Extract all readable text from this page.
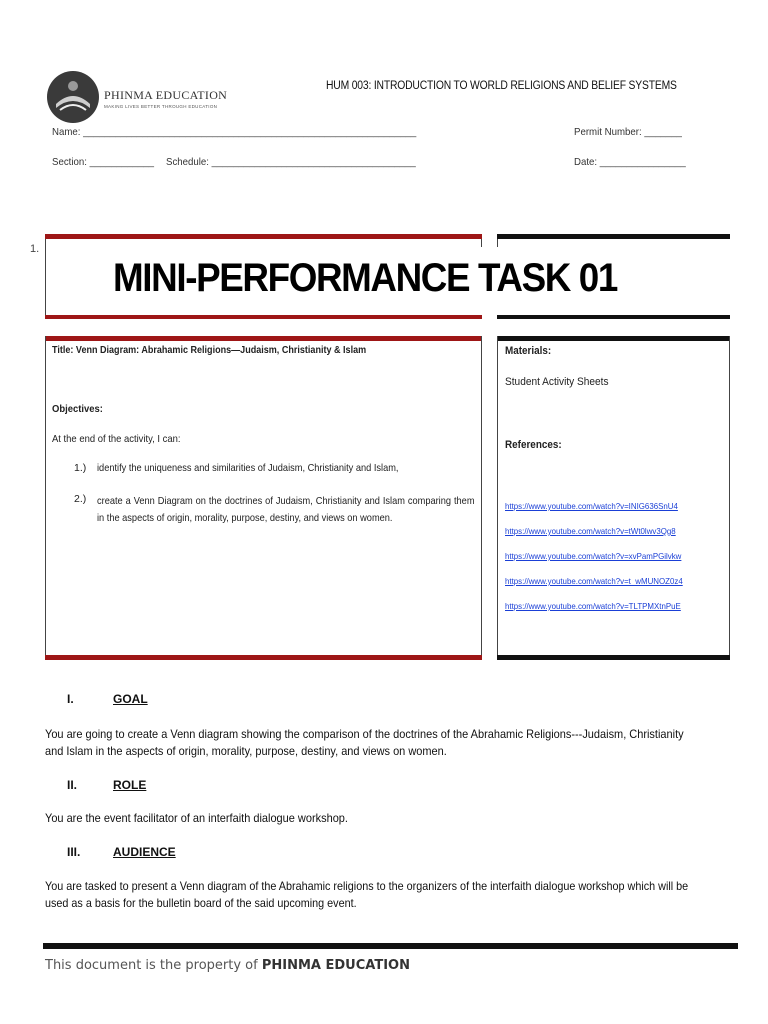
PHINMA EDUCATION
MAKING LIVES BETTER THROUGH EDUCATION
HUM 003: INTRODUCTION TO WORLD RELIGIONS AND BELIEF SYSTEMS
Name: ______________________________________________________________	Permit Number: _______
Section: ____________ Schedule: ______________________________________	Date: ________________
1.
MINI-PERFORMANCE TASK 01
Title: Venn Diagram: Abrahamic Religions—Judaism, Christianity & Islam
Objectives:
At the end of the activity, I can:
1.) identify the uniqueness and similarities of Judaism, Christianity and Islam,
2.) create a Venn Diagram on the doctrines of Judaism, Christianity and Islam comparing them in the aspects of origin, morality, purpose, destiny, and views on women.
Materials:
Student Activity Sheets
References:
https://www.youtube.com/watch?v=INIG636SnU4
https://www.youtube.com/watch?v=tWt0lwv3Qg8
https://www.youtube.com/watch?v=xvPamPGilvkw
https://www.youtube.com/watch?v=t_wMUNOZ0z4
https://www.youtube.com/watch?v=TLTPMXtnPuE
I.	GOAL
You are going to create a Venn diagram showing the comparison of the doctrines of the Abrahamic Religions---Judaism, Christianity and Islam in the aspects of origin, morality, purpose, destiny, and views on women.
II.	ROLE
You are the event facilitator of an interfaith dialogue workshop.
III.	AUDIENCE
You are tasked to present a Venn diagram of the Abrahamic religions to the organizers of the interfaith dialogue workshop which will be used as a basis for the bulletin board of the said upcoming event.
This document is the property of PHINMA EDUCATION
